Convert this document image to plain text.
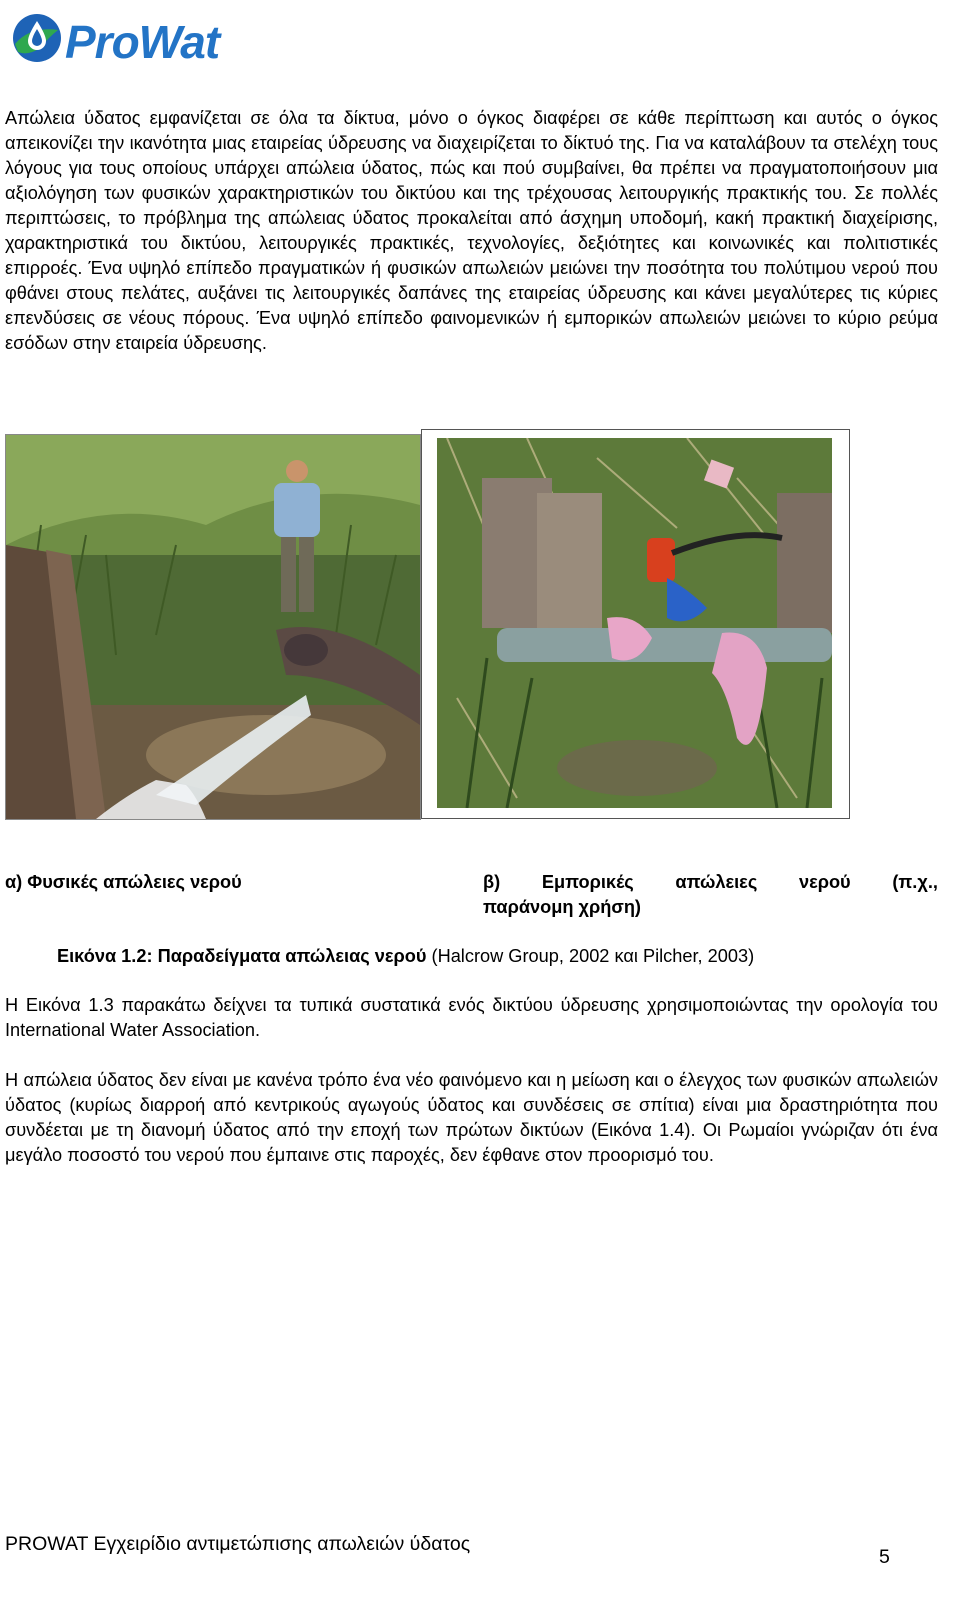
ProWat

Απώλεια ύδατος εμφανίζεται σε όλα τα δίκτυα, μόνο ο όγκος διαφέρει σε κάθε περίπτωση και αυτός ο όγκος απεικονίζει την ικανότητα μιας εταιρείας ύδρευσης να διαχειρίζεται το δίκτυό της. Για να καταλάβουν τα στελέχη τους λόγους για τους οποίους υπάρχει απώλεια ύδατος, πώς και πού συμβαίνει, θα πρέπει να πραγματοποιήσουν μια αξιολόγηση των φυσικών χαρακτηριστικών του δικτύου και της τρέχουσας λειτουργικής πρακτικής του. Σε πολλές περιπτώσεις, το πρόβλημα της απώλειας ύδατος προκαλείται από άσχημη υποδομή, κακή πρακτική διαχείρισης, χαρακτηριστικά του δικτύου, λειτουργικές πρακτικές, τεχνολογίες, δεξιότητες και κοινωνικές και πολιτιστικές επιρροές. Ένα υψηλό επίπεδο πραγματικών ή φυσικών απωλειών μειώνει την ποσότητα του πολύτιμου νερού που φθάνει στους πελάτες, αυξάνει τις λειτουργικές δαπάνες της εταιρείας ύδρευσης και κάνει μεγαλύτερες τις κύριες επενδύσεις σε νέους πόρους. Ένα υψηλό επίπεδο φαινομενικών ή εμπορικών απωλειών μειώνει το κύριο ρεύμα εσόδων στην εταιρεία ύδρευσης.

α) Φυσικές απώλειες νερού	β) Εμπορικές απώλειες νερού (π.χ.,
παράνομη χρήση)
Εικόνα 1.2: Παραδείγματα απώλειας νερού (Halcrow Group, 2002 και Pilcher, 2003)

Η Εικόνα 1.3 παρακάτω δείχνει τα τυπικά συστατικά ενός δικτύου ύδρευσης χρησιμοποιώντας την ορολογία του International Water Association.

Η απώλεια ύδατος δεν είναι με κανένα τρόπο ένα νέο φαινόμενο και η μείωση και ο έλεγχος των φυσικών απωλειών ύδατος (κυρίως διαρροή από κεντρικούς αγωγούς ύδατος και συνδέσεις σε σπίτια) είναι μια δραστηριότητα που συνδέεται με τη διανομή ύδατος από την εποχή των πρώτων δικτύων (Εικόνα 1.4). Οι Ρωμαίοι γνώριζαν ότι ένα μεγάλο ποσοστό του νερού που έμπαινε στις παροχές, δεν έφθανε στον προορισμό του.

PROWAT Εγχειρίδιο αντιμετώπισης απωλειών ύδατος
5
